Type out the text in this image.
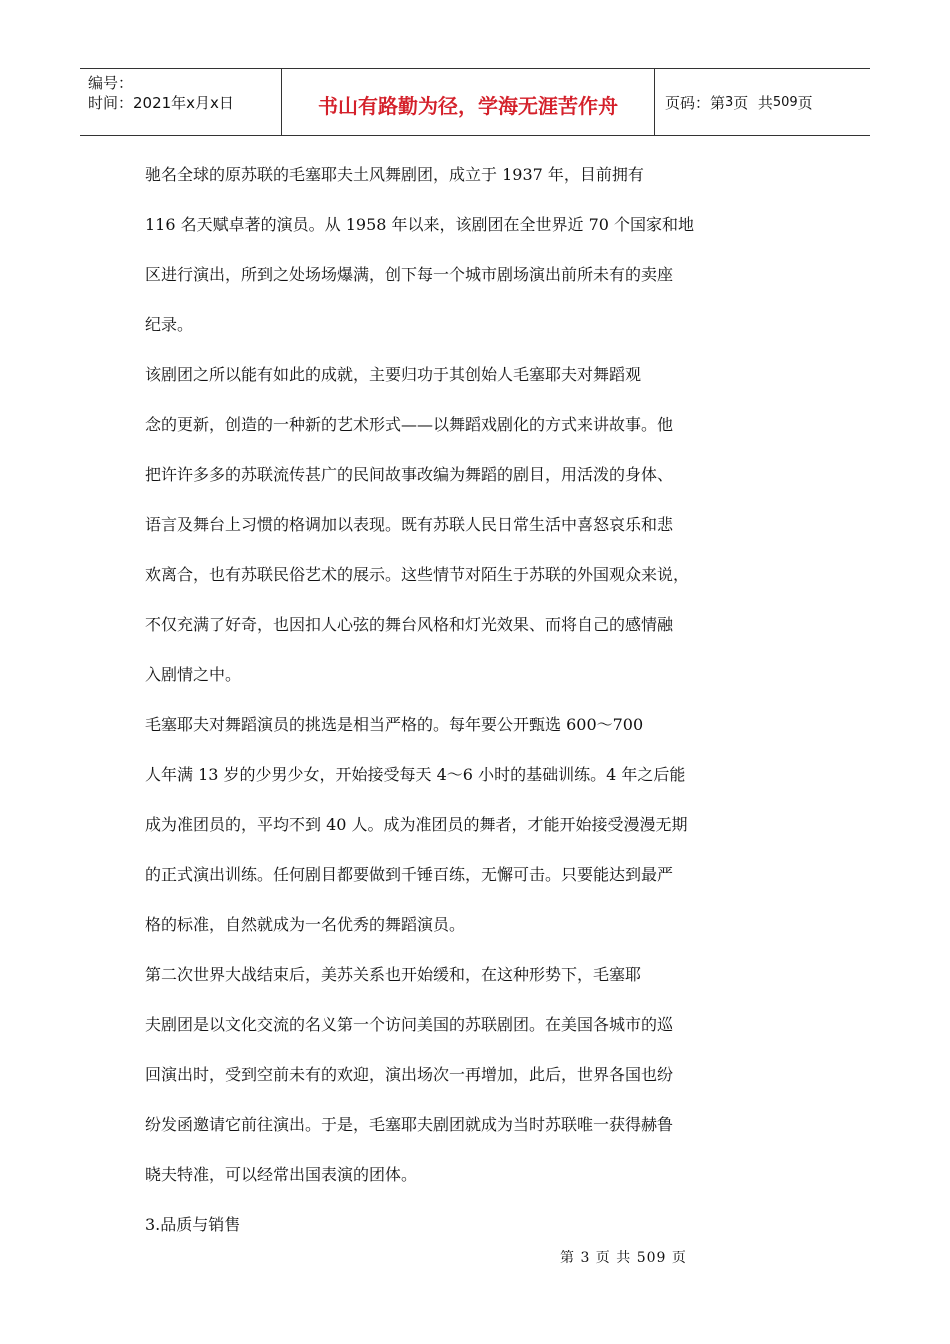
编号：
时间：2021年x月x日	书山有路勤为径，学海无涯苦作舟	页码：第 3 页  共 509 页

驰名全球的原苏联的毛塞耶夫土风舞剧团，成立于 1937 年，目前拥有

116 名天赋卓著的演员。从 1958 年以来，该剧团在全世界近 70 个国家和地

区进行演出，所到之处场场爆满，创下每一个城市剧场演出前所未有的卖座

纪录。

该剧团之所以能有如此的成就，主要归功于其创始人毛塞耶夫对舞蹈观

念的更新，创造的一种新的艺术形式——以舞蹈戏剧化的方式来讲故事。他

把许许多多的苏联流传甚广的民间故事改编为舞蹈的剧目，用活泼的身体、

语言及舞台上习惯的格调加以表现。既有苏联人民日常生活中喜怒哀乐和悲

欢离合，也有苏联民俗艺术的展示。这些情节对陌生于苏联的外国观众来说，

不仅充满了好奇，也因扣人心弦的舞台风格和灯光效果、而将自己的感情融

入剧情之中。

毛塞耶夫对舞蹈演员的挑选是相当严格的。每年要公开甄选 600～700

人年满 13 岁的少男少女，开始接受每天 4～6 小时的基础训练。4 年之后能

成为准团员的，平均不到 40 人。成为准团员的舞者，才能开始接受漫漫无期

的正式演出训练。任何剧目都要做到千锤百练，无懈可击。只要能达到最严

格的标准，自然就成为一名优秀的舞蹈演员。

第二次世界大战结束后，美苏关系也开始缓和，在这种形势下，毛塞耶

夫剧团是以文化交流的名义第一个访问美国的苏联剧团。在美国各城市的巡

回演出时，受到空前未有的欢迎，演出场次一再增加，此后，世界各国也纷

纷发函邀请它前往演出。于是，毛塞耶夫剧团就成为当时苏联唯一获得赫鲁

晓夫特准，可以经常出国表演的团体。

3.品质与销售

第 3 页 共 509 页
